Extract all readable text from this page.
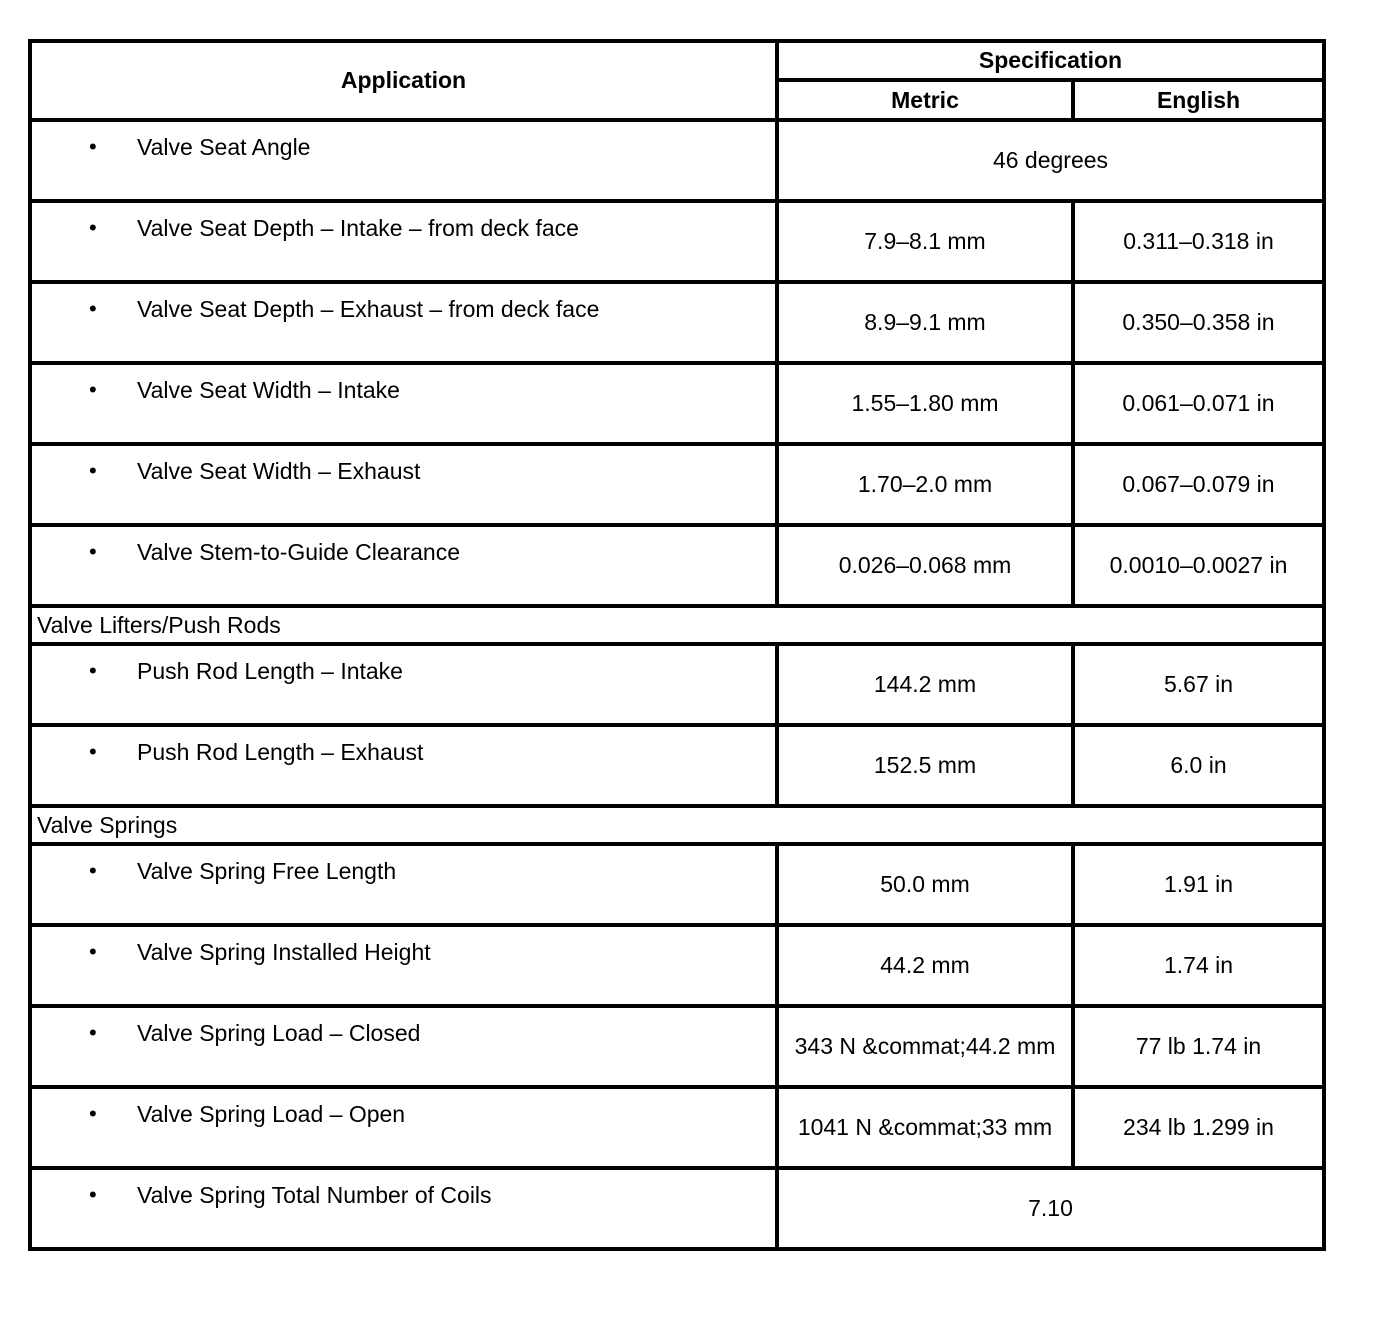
Application	Specification	
	Metric	English

• Valve Seat Angle	46 degrees	

• Valve Seat Depth – Intake – from deck face	7.9–8.1 mm	0.311–0.318 in

• Valve Seat Depth – Exhaust – from deck face	8.9–9.1 mm	0.350–0.358 in

• Valve Seat Width – Intake	1.55–1.80 mm	0.061–0.071 in

• Valve Seat Width – Exhaust	1.70–2.0 mm	0.067–0.079 in

• Valve Stem-to-Guide Clearance	0.026–0.068 mm	0.0010–0.0027 in
Valve Lifters/Push Rods		

• Push Rod Length – Intake	144.2 mm	5.67 in

• Push Rod Length – Exhaust	152.5 mm	6.0 in
Valve Springs		

• Valve Spring Free Length	50.0 mm	1.91 in

• Valve Spring Installed Height	44.2 mm	1.74 in

• Valve Spring Load – Closed	343 N &commat;44.2 mm	77 lb 1.74 in

• Valve Spring Load – Open	1041 N &commat;33 mm	234 lb 1.299 in

• Valve Spring Total Number of Coils	7.10	
